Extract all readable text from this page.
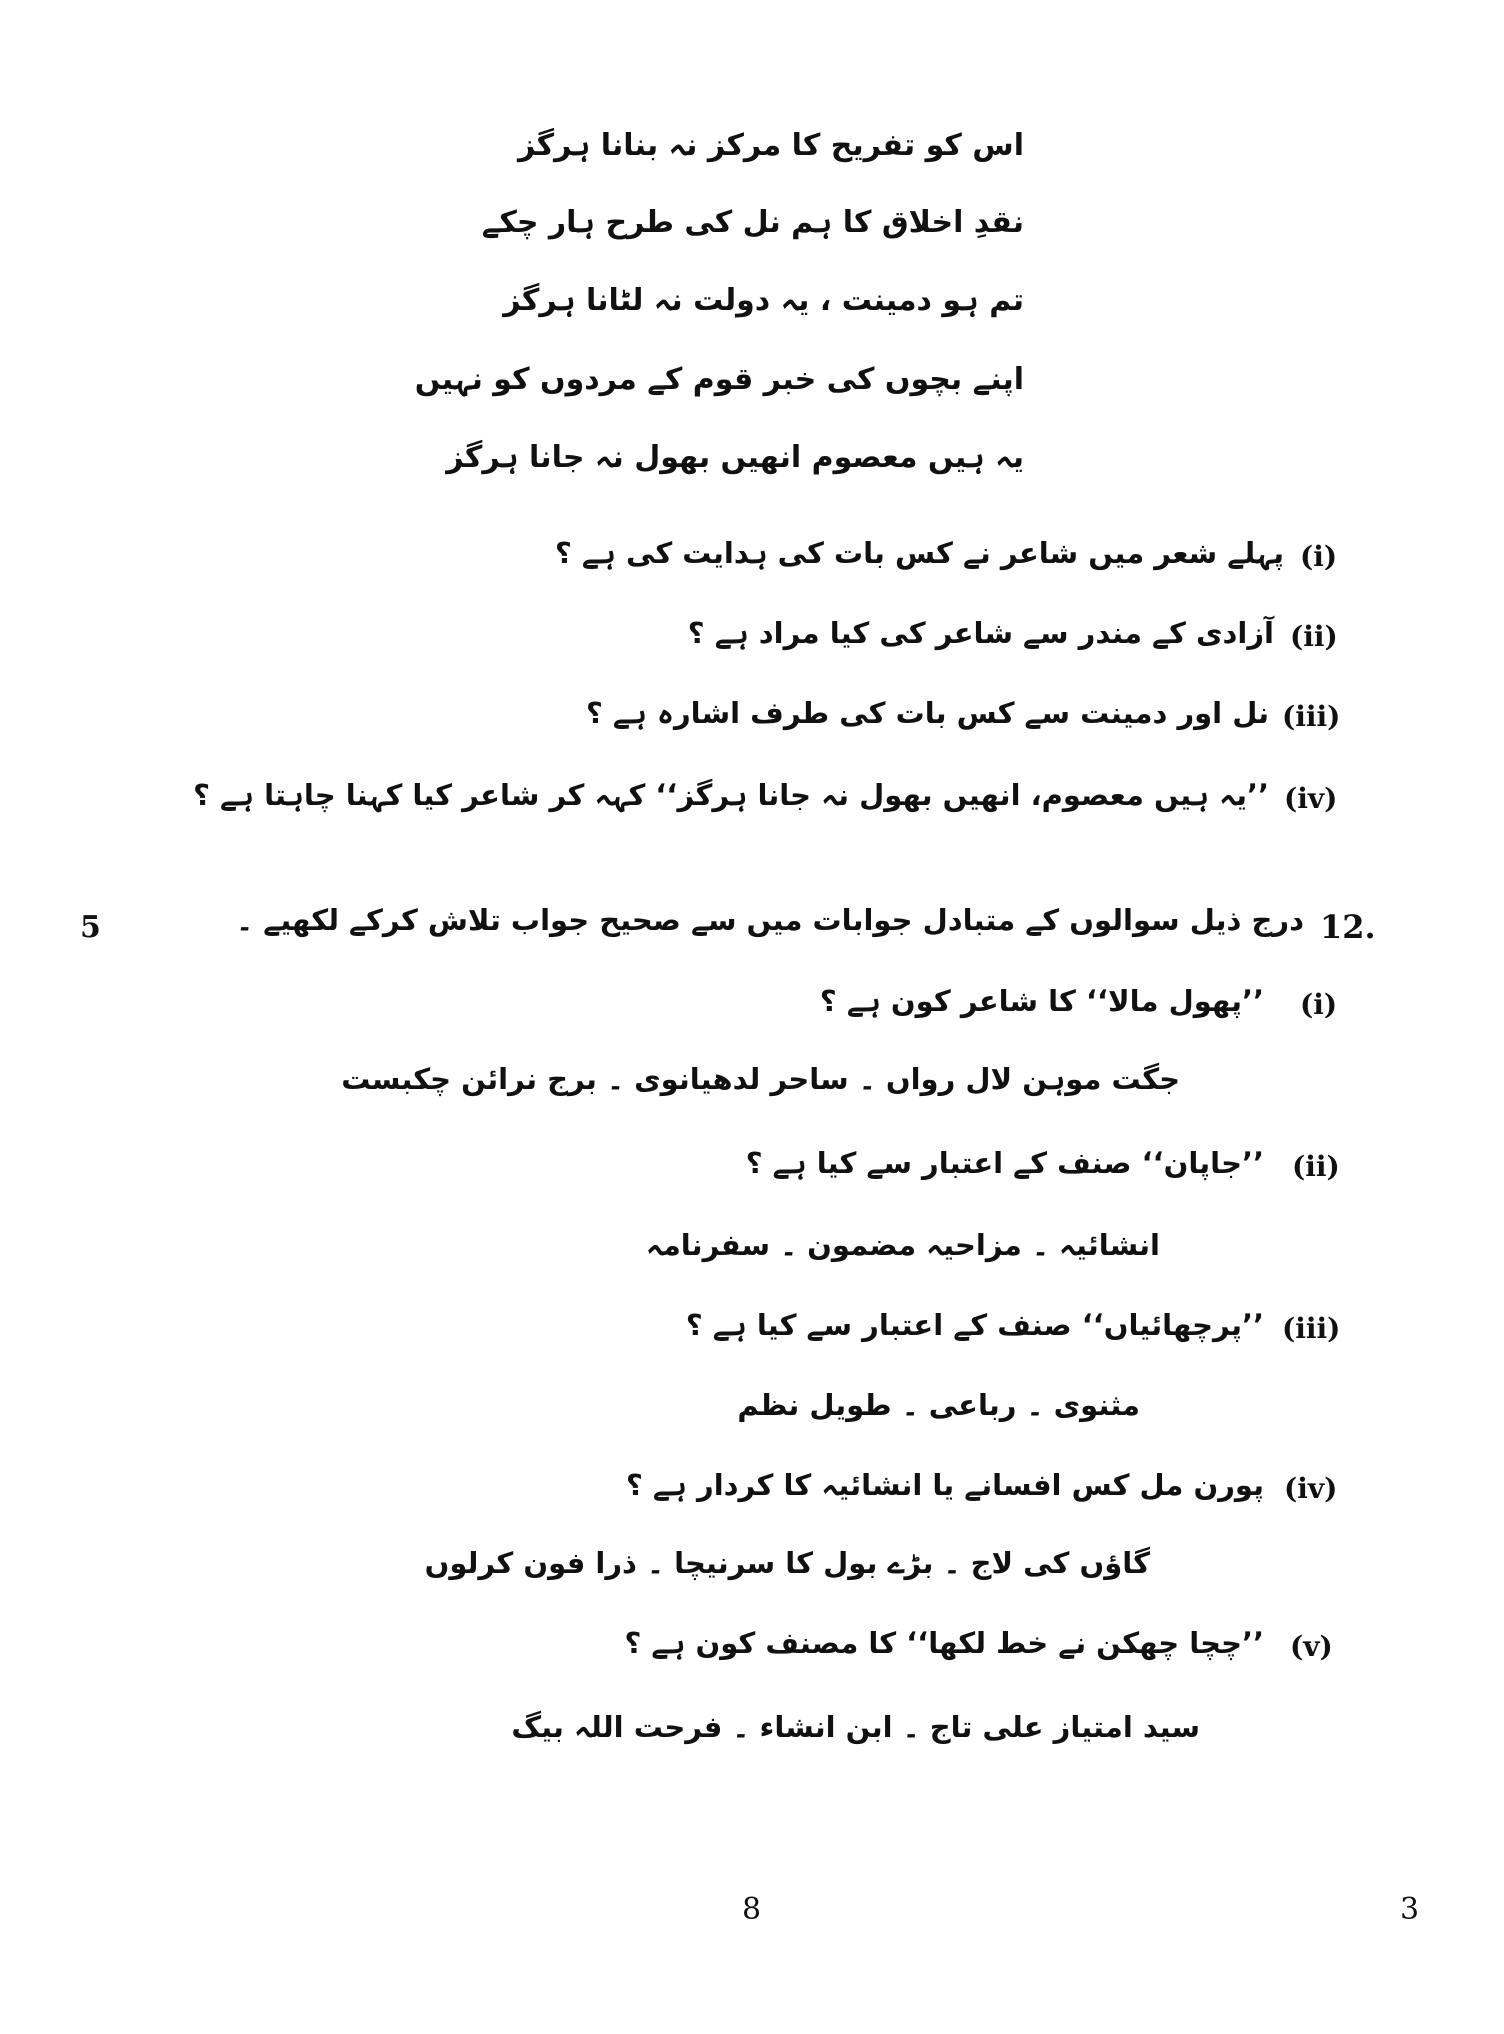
اس کو تفریح کا مرکز نہ بنانا ہرگز
نقدِ اخلاق کا ہم نل کی طرح ہار چکے
تم ہو دمینت ، یہ دولت نہ لٹانا ہرگز
اپنے بچوں کی خبر قوم کے مردوں کو نہیں
یہ ہیں معصوم انھیں بھول نہ جانا ہرگز
(i)
پہلے شعر میں شاعر نے کس بات کی ہدایت کی ہے ؟
(ii)
آزادی کے مندر سے شاعر کی کیا مراد ہے ؟
(iii)
نل اور دمینت سے کس بات کی طرف اشارہ ہے ؟
(iv)
’’یہ ہیں معصوم، انھیں بھول نہ جانا ہرگز‘‘ کہہ کر شاعر کیا کہنا چاہتا ہے ؟
5	12.
درج ذیل سوالوں کے متبادل جوابات میں سے صحیح جواب تلاش کرکے لکھیے ۔
(i)
’’پھول مالا‘‘ کا شاعر کون ہے ؟
جگت موہن لال رواں ۔ ساحر لدھیانوی ۔ برج نرائن چکبست
(ii)
’’جاپان‘‘ صنف کے اعتبار سے کیا ہے ؟
انشائیہ ۔ مزاحیہ مضمون ۔ سفرنامہ
(iii)
’’پرچھائیاں‘‘ صنف کے اعتبار سے کیا ہے ؟
مثنوی ۔ رباعی ۔ طویل نظم
(iv)
پورن مل کس افسانے یا انشائیہ کا کردار ہے ؟
گاؤں کی لاج ۔ بڑے بول کا سرنیچا ۔ ذرا فون کرلوں
(v)
’’چچا چھکن نے خط لکھا‘‘ کا مصنف کون ہے ؟
سید امتیاز علی تاج ۔ ابن انشاء ۔ فرحت اللہ بیگ
8	3
